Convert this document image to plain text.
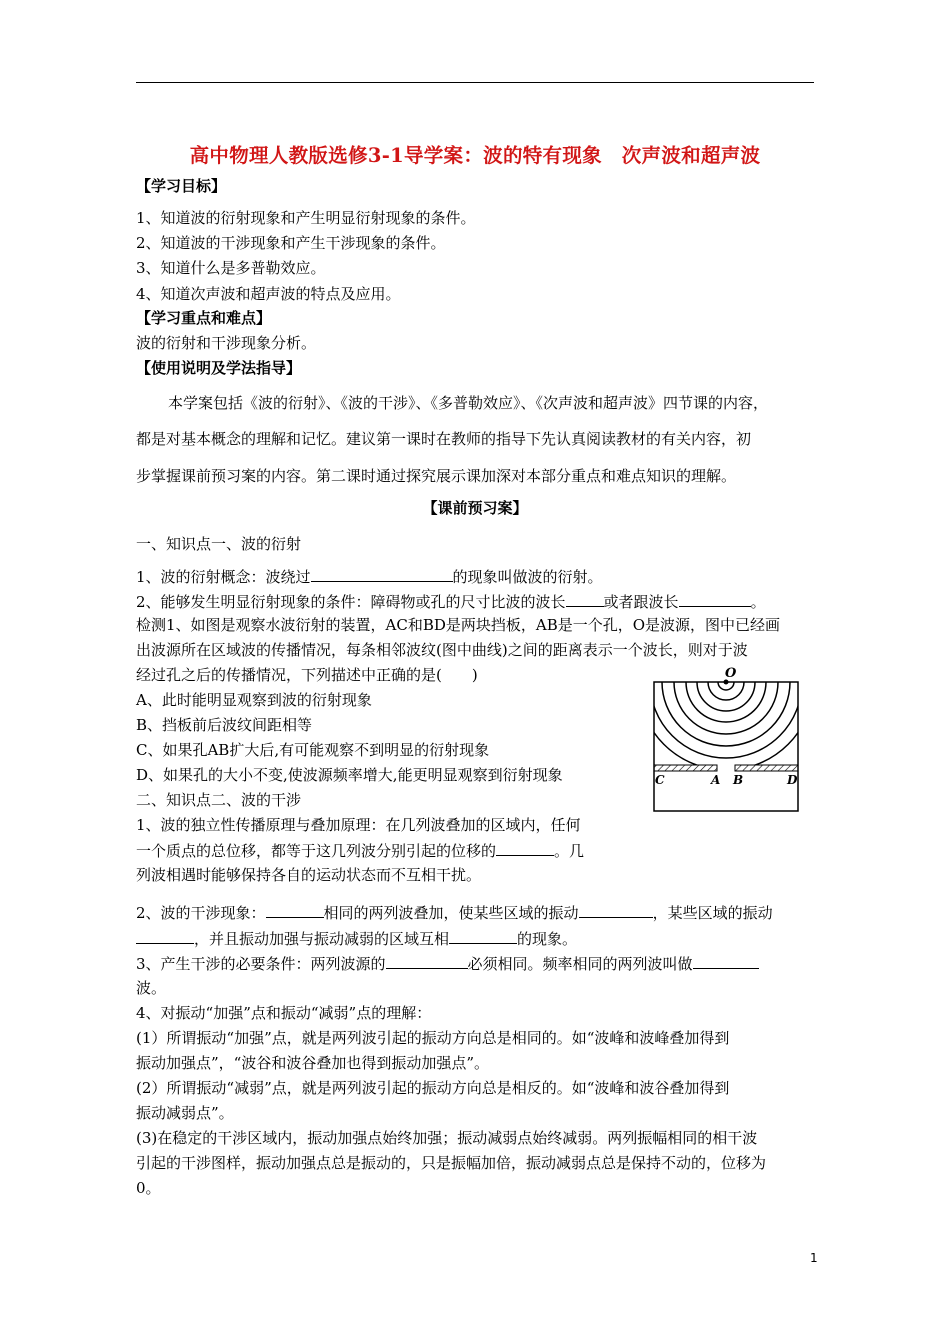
高中物理人教版选修3-1导学案：波的特有现象　次声波和超声波
【学习目标】
1、知道波的衍射现象和产生明显衍射现象的条件。
2、知道波的干涉现象和产生干涉现象的条件。
3、知道什么是多普勒效应。
4、知道次声波和超声波的特点及应用。
【学习重点和难点】
波的衍射和干涉现象分析。
【使用说明及学法指导】
本学案包括《波的衍射》、《波的干涉》、《多普勒效应》、《次声波和超声波》四节课的内容，
都是对基本概念的理解和记忆。建议第一课时在教师的指导下先认真阅读教材的有关内容，初
步掌握课前预习案的内容。第二课时通过探究展示课加深对本部分重点和难点知识的理解。
【课前预习案】
一、知识点一、波的衍射
1、波的衍射概念：波绕过	的现象叫做波的衍射。
2、能够发生明显衍射现象的条件：障碍物或孔的尺寸比波的波长	或者跟波长	。
检测1、如图是观察水波衍射的装置，AC和BD是两块挡板，AB是一个孔，O是波源，图中已经画
出波源所在区域波的传播情况，每条相邻波纹(图中曲线)之间的距离表示一个波长，则对于波
经过孔之后的传播情况，下列描述中正确的是(　　)
A、此时能明显观察到波的衍射现象
B、挡板前后波纹间距相等
C、如果孔AB扩大后,有可能观察不到明显的衍射现象
D、如果孔的大小不变,使波源频率增大,能更明显观察到衍射现象
O
C	A B	D
二、知识点二、波的干涉
1、波的独立性传播原理与叠加原理：在几列波叠加的区域内，任何
一个质点的总位移，都等于这几列波分别引起的位移的	。几
列波相遇时能够保持各自的运动状态而不互相干扰。
2、波的干涉现象：	相同的两列波叠加，使某些区域的振动	，某些区域的振动
，并且振动加强与振动减弱的区域互相	的现象。
3、产生干涉的必要条件：两列波源的	必须相同。频率相同的两列波叫做
波。
4、对振动“加强”点和振动“减弱”点的理解：
(1）所谓振动“加强”点，就是两列波引起的振动方向总是相同的。如“波峰和波峰叠加得到
振动加强点”，“波谷和波谷叠加也得到振动加强点”。
(2）所谓振动“减弱”点，就是两列波引起的振动方向总是相反的。如“波峰和波谷叠加得到
振动减弱点”。
(3)在稳定的干涉区域内，振动加强点始终加强；振动减弱点始终减弱。两列振幅相同的相干波
引起的干涉图样，振动加强点总是振动的，只是振幅加倍，振动减弱点总是保持不动的，位移为
0。
1
